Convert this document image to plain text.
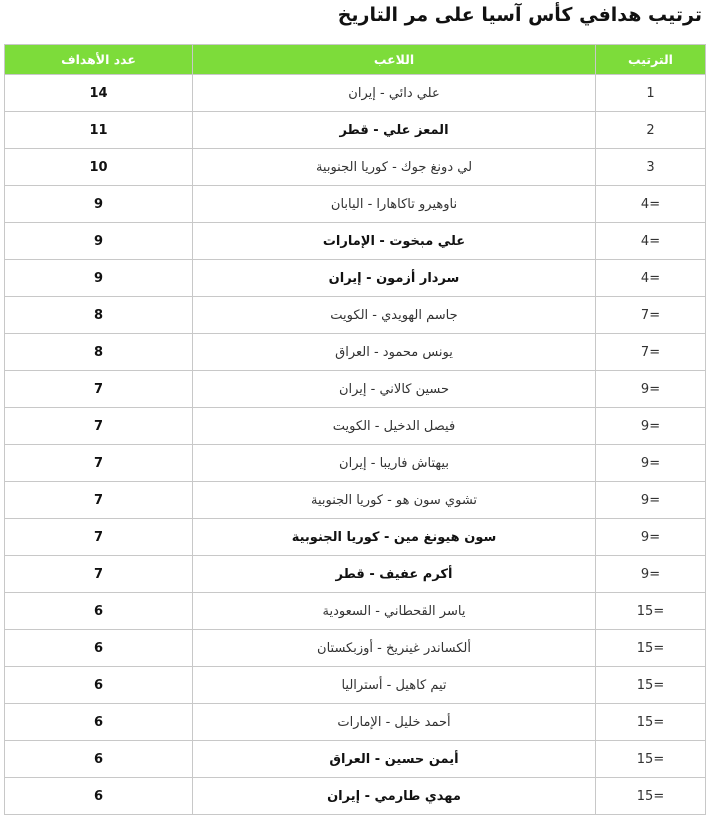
ترتيب هدافي كأس آسيا على مر التاريخ
الترتيب	اللاعب	عدد الأهداف
1	علي دائي - إيران	14
2	المعز علي - قطر	11
3	لي دونغ جوك - كوريا الجنوبية	10
=4	ناوهيرو تاكاهارا - اليابان	9
=4	علي مبخوت - الإمارات	9
=4	سردار أزمون - إيران	9
=7	جاسم الهويدي - الكويت	8
=7	يونس محمود - العراق	8
=9	حسين كالاني - إيران	7
=9	فيصل الدخيل - الكويت	7
=9	بيهتاش فاريبا - إيران	7
=9	تشوي سون هو - كوريا الجنوبية	7
=9	سون هيونغ مين - كوريا الجنوبية	7
=9	أكرم عفيف - قطر	7
=15	ياسر القحطاني - السعودية	6
=15	ألكساندر غينريخ - أوزبكستان	6
=15	تيم كاهيل - أستراليا	6
=15	أحمد خليل - الإمارات	6
=15	أيمن حسين - العراق	6
=15	مهدي طارمي - إيران	6
